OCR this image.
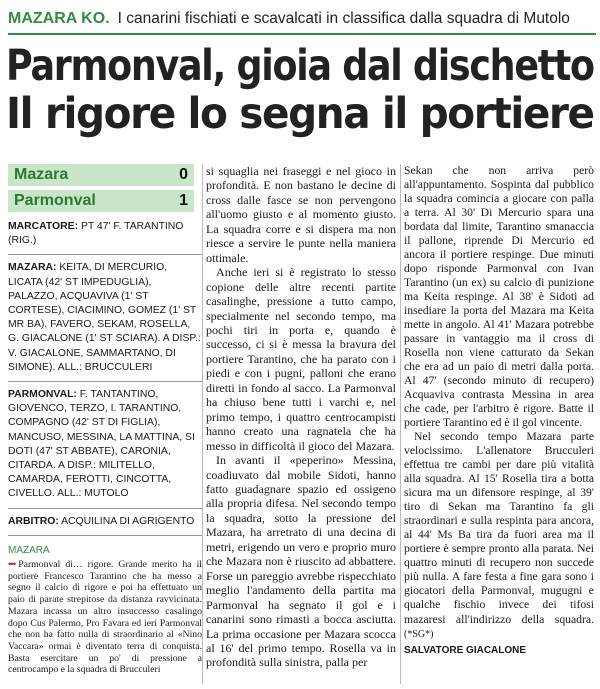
MAZARA KO. I canarini fischiati e scavalcati in classifica dalla squadra di Mutolo
Parmonval, gioia dal dischetto
Il rigore lo segna il portiere
Mazara	0
Parmonval	1
MARCATORE: PT 47' F. TARANTINO (RIG.)
MAZARA: KEITA, DI MERCURIO, LICATA (42' ST IMPEDUGLIA), PALAZZO, ACQUAVIVA (1' ST CORTESE), CIACIMINO, GOMEZ (1' ST MR BA), FAVERO, SEKAM, ROSELLA, G. GIACALONE (1' ST SCIARA). A DISP.: V. GIACALONE, SAMMARTANO, DI SIMONE). ALL.: BRUCCULERI
PARMONVAL: F. TANTANTINO, GIOVENCO, TERZO, I. TARANTINO, COMPAGNO (42' ST DI FIGLIA), MANCUSO, MESSINA, LA MATTINA, SI DOTI (47' ST ABBATE), CARONIA, CITARDA. A DISP.: MILITELLO, CAMARDA, FEROTTI, CINCOTTA, CIVELLO. ALL.: MUTOLO
ARBITRO: ACQUILINA DI AGRIGENTO
MAZARA

••• Parmonval di… rigore. Grande merito ha il portiere Francesco Tarantino che ha messo a segno il calcio di rigore e poi ha effettuato un paio di parate strepitose da distanza ravvicinata. Mazara incassa un altro insuccesso casalingo dopo Cus Palermo, Pro Favara ed ieri Parmonval che non ha fatto nulla di straordinario al «Nino Vaccara» ormai è diventato terra di conquista. Basta esercitare un po' di pressione a centrocampo e la squadra di Brucculeri

si squaglia nei fraseggi e nel gioco in profondità. E non bastano le decine di cross dalle fasce se non pervengono all'uomo giusto e al momento giusto. La squadra corre e si dispera ma non riesce a servire le punte nella maniera ottimale.

Anche ieri si è registrato lo stesso copione delle altre recenti partite casalinghe, pressione a tutto campo, specialmente nel secondo tempo, ma pochi tiri in porta e, quando è successo, ci si è messa la bravura del portiere Tarantino, che ha parato con i piedi e con i pugni, palloni che erano diretti in fondo al sacco. La Parmonval ha chiuso bene tutti i varchi e, nel primo tempo, i quattro centrocampisti hanno creato una ragnatela che ha messo in difficoltà il gioco del Mazara.

In avanti il «peperino» Messina, coadiuvato dal mobile Sidoti, hanno fatto guadagnare spazio ed ossigeno alla propria difesa. Nel secondo tempo la squadra, sotto la pressione del Mazara, ha arretrato di una decina di metri, erigendo un vero e proprio muro che Mazara non è riuscito ad abbattere. Forse un pareggio avrebbe rispecchiato meglio l'andamento della partita ma Parmonval ha segnato il gol e i canarini sono rimasti a bocca asciutta. La prima occasione per Mazara scocca al 16' del primo tempo. Rosella va in profondità sulla sinistra, palla per

Sekan che non arriva però all'appuntamento. Sospinta dal pubblico la squadra comincia a giocare con palla a terra. Al 30' Di Mercurio spara una bordata dal limite, Tarantino smanaccia il pallone, riprende Di Mercurio ed ancora il portiere respinge. Due minuti dopo risponde Parmonval con Ivan Tarantino (un ex) su calcio di punizione ma Keita respinge. Al 38' è Sidoti ad insediare la porta del Mazara ma Keita mette in angolo. Al 41' Mazara potrebbe passare in vantaggio ma il cross di Rosella non viene catturato da Sekan che era ad un paio di metri dalla porta. Al 47' (secondo minuto di recupero) Acquaviva contrasta Messina in area che cade, per l'arbitro è rigore. Batte il portiere Tarantino ed è il gol vincente.

Nel secondo tempo Mazara parte velocissimo. L'allenatore Brucculeri effettua tre cambi per dare più vitalità alla squadra. Al 15' Rosella tira a botta sicura ma un difensore respinge, al 39' tiro di Sekan ma Tarantino fa gli straordinari e sulla respinta para ancora, al 44' Ms Ba tira da fuori area ma il portiere è sempre pronto alla parata. Nei quattro minuti di recupero non succede più nulla. A fare festa a fine gara sono i giocatori della Parmonval, mugugni e qualche fischio invece dei tifosi mazaresi all'indirizzo della squadra. (*SG*)

SALVATORE GIACALONE
